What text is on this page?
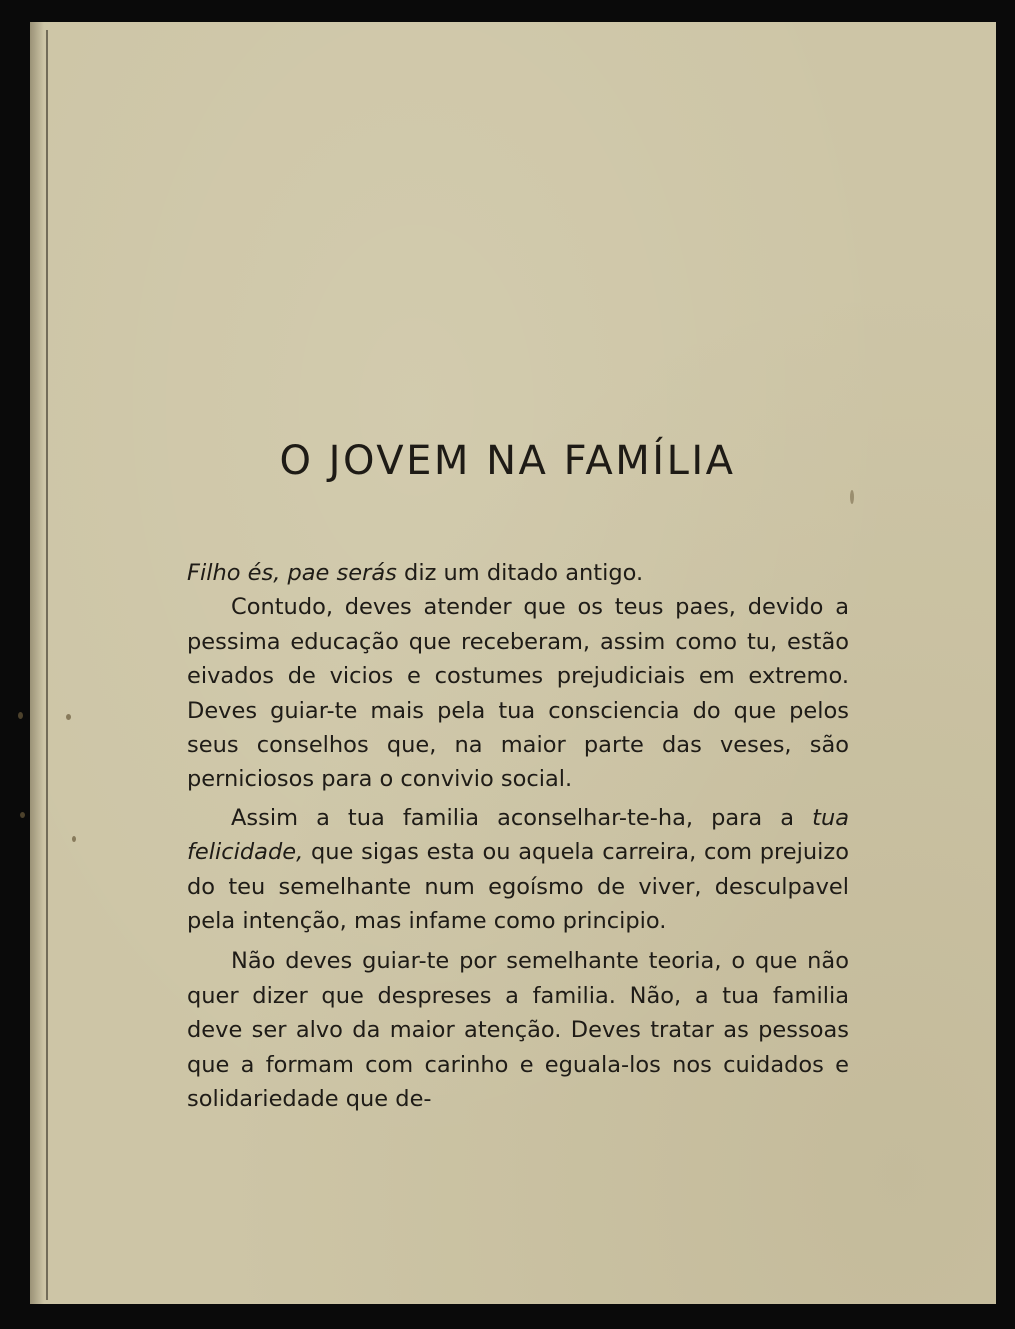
O JOVEM NA FAMÍLIA

Filho és, pae serás diz um ditado antigo.

Contudo, deves atender que os teus paes, devido a pessima educação que receberam, assim como tu, estão eivados de vicios e costumes prejudiciais em extremo. Deves guiar-te mais pela tua consciencia do que pelos seus conselhos que, na maior parte das veses, são perniciosos para o convivio social.

Assim a tua familia aconselhar-te-ha, para a tua felicidade, que sigas esta ou aquela carreira, com prejuizo do teu semelhante num egoísmo de viver, desculpavel pela intenção, mas infame como principio.

Não deves guiar-te por semelhante teoria, o que não quer dizer que despreses a familia. Não, a tua familia deve ser alvo da maior atenção. Deves tratar as pessoas que a formam com carinho e eguala-los nos cuidados e solidariedade que de-
